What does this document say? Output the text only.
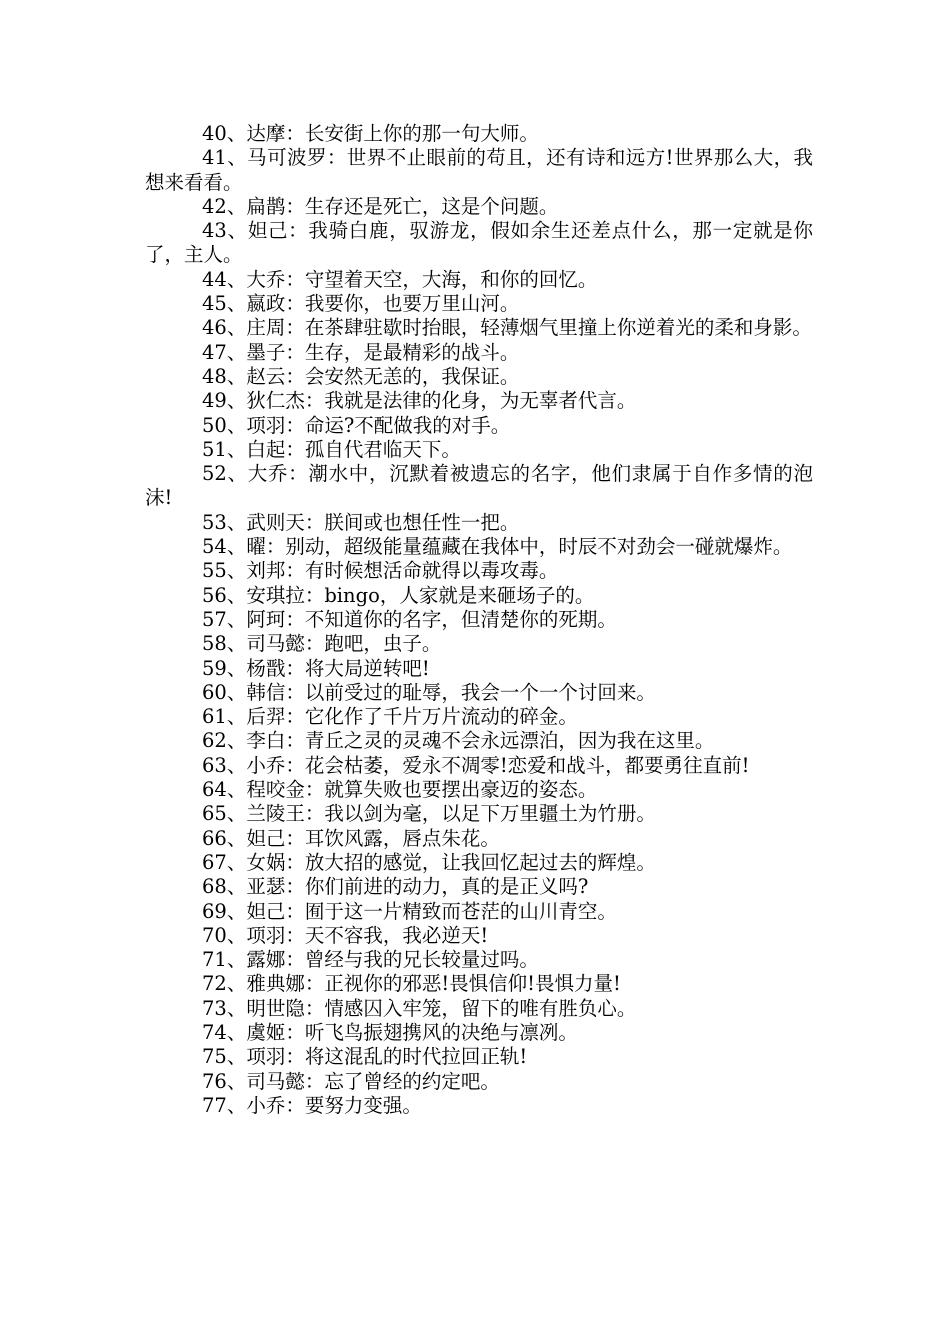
40、达摩：长安街上你的那一句大师。

41、马可波罗：世界不止眼前的苟且，还有诗和远方!世界那么大，我想来看看。

42、扁鹊：生存还是死亡，这是个问题。

43、妲己：我骑白鹿，驭游龙，假如余生还差点什么，那一定就是你了，主人。

44、大乔：守望着天空，大海，和你的回忆。

45、嬴政：我要你，也要万里山河。

46、庄周：在茶肆驻歇时抬眼，轻薄烟气里撞上你逆着光的柔和身影。

47、墨子：生存，是最精彩的战斗。

48、赵云：会安然无恙的，我保证。

49、狄仁杰：我就是法律的化身，为无辜者代言。

50、项羽：命运?不配做我的对手。

51、白起：孤自代君临天下。

52、大乔：潮水中，沉默着被遗忘的名字，他们隶属于自作多情的泡沫!

53、武则天：朕间或也想任性一把。

54、曜：别动，超级能量蕴藏在我体中，时辰不对劲会一碰就爆炸。

55、刘邦：有时候想活命就得以毒攻毒。

56、安琪拉：bingo，人家就是来砸场子的。

57、阿珂：不知道你的名字，但清楚你的死期。

58、司马懿：跑吧，虫子。

59、杨戬：将大局逆转吧!

60、韩信：以前受过的耻辱，我会一个一个讨回来。

61、后羿：它化作了千片万片流动的碎金。

62、李白：青丘之灵的灵魂不会永远漂泊，因为我在这里。

63、小乔：花会枯萎，爱永不凋零!恋爱和战斗，都要勇往直前!

64、程咬金：就算失败也要摆出豪迈的姿态。

65、兰陵王：我以剑为毫，以足下万里疆土为竹册。

66、妲己：耳饮风露，唇点朱花。

67、女娲：放大招的感觉，让我回忆起过去的辉煌。

68、亚瑟：你们前进的动力，真的是正义吗?

69、妲己：囿于这一片精致而苍茫的山川青空。

70、项羽：天不容我，我必逆天!

71、露娜：曾经与我的兄长较量过吗。

72、雅典娜：正视你的邪恶!畏惧信仰!畏惧力量!

73、明世隐：情感囚入牢笼，留下的唯有胜负心。

74、虞姬：听飞鸟振翅携风的决绝与凛冽。

75、项羽：将这混乱的时代拉回正轨!

76、司马懿：忘了曾经的约定吧。

77、小乔：要努力变强。
